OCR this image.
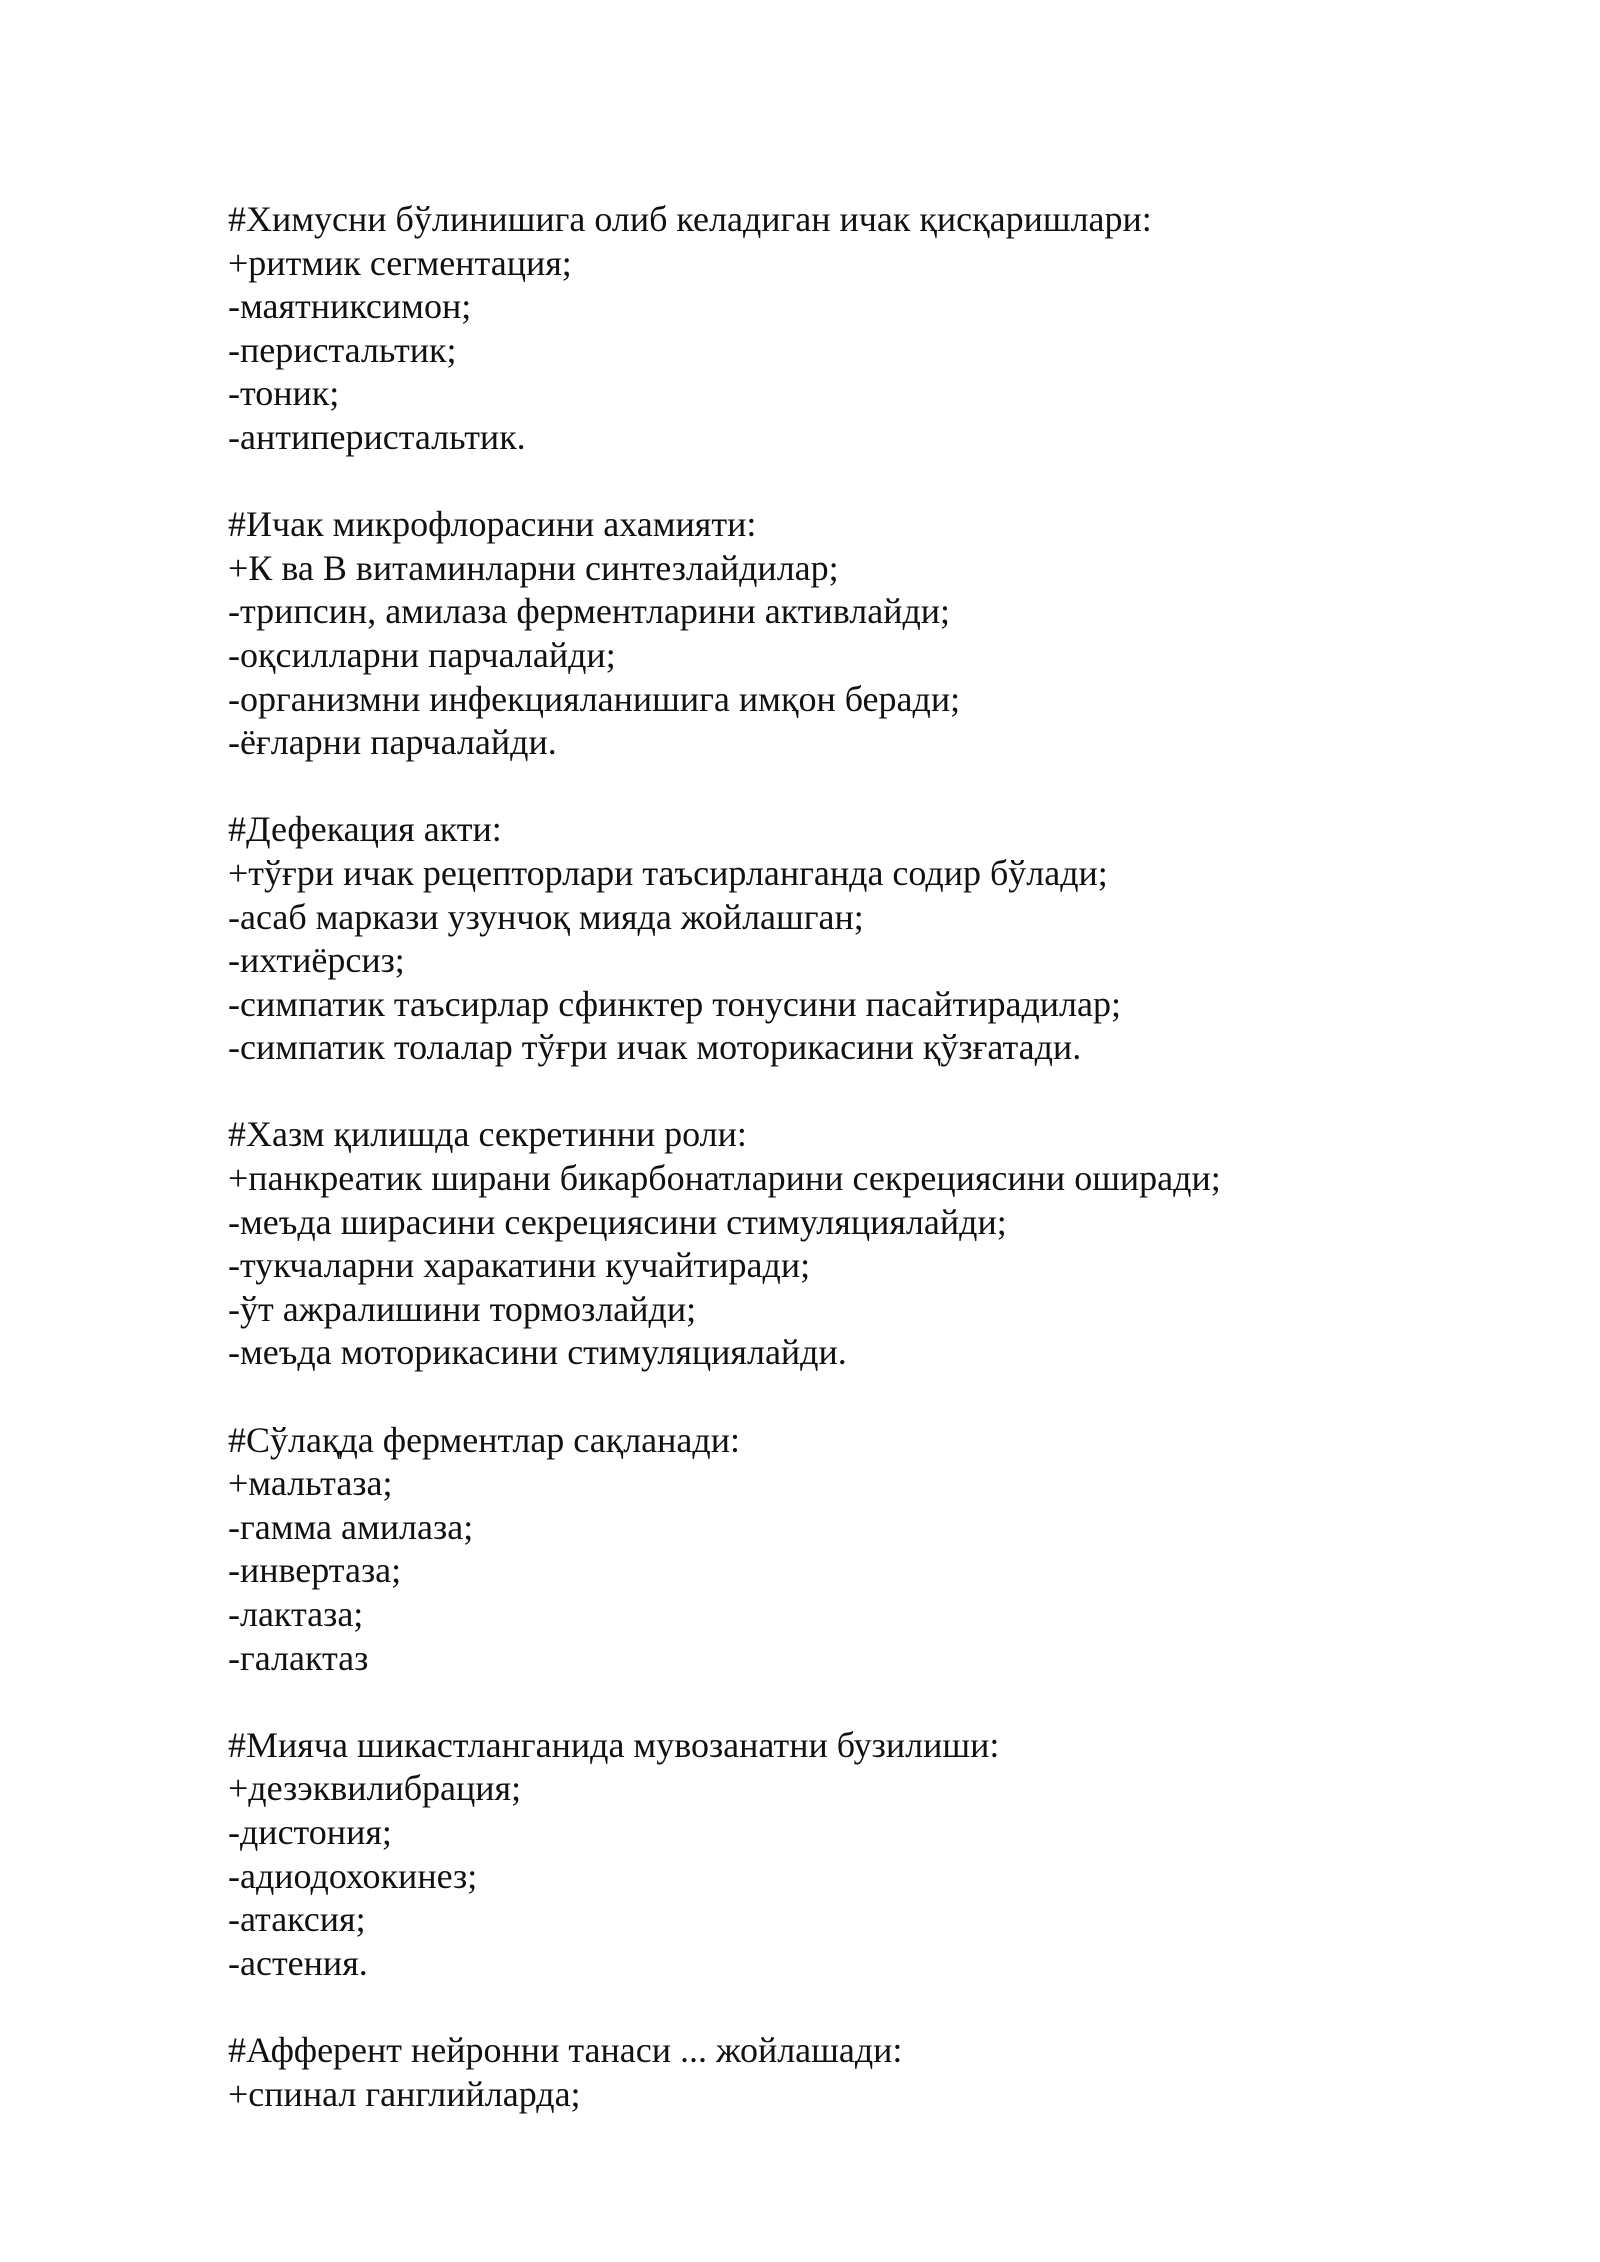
#Химусни бўлинишига олиб келадиган ичак қисқаришлари:
+ритмик сегментация;
-маятниксимон;
-перистальтик;
-тоник;
-антиперистальтик.
#Ичак микрофлорасини ахамияти:
+К ва В витаминларни синтезлайдилар;
-трипсин, амилаза ферментларини активлайди;
-оқсилларни парчалайди;
-организмни инфекцияланишига имқон беради;
-ёғларни парчалайди.
#Дефекация акти:
+тўғри ичак рецепторлари таъсирланганда содир бўлади;
-асаб маркази узунчоқ мияда жойлашган;
-ихтиёрсиз;
-симпатик таъсирлар сфинктер тонусини пасайтирадилар;
-симпатик толалар тўғри ичак моторикасини қўзғатади.
#Хазм қилишда секретинни роли:
+панкреатик ширани бикарбонатларини секрециясини оширади;
-меъда ширасини секрециясини стимуляциялайди;
-тукчаларни харакатини кучайтиради;
-ўт ажралишини тормозлайди;
-меъда моторикасини стимуляциялайди.
#Сўлақда ферментлар сақланади:
+мальтаза;
-гамма амилаза;
-инвертаза;
-лактаза;
-галактаз
#Мияча шикастланганида мувозанатни бузилиши:
+дезэквилибрация;
-дистония;
-адиодохокинез;
-атаксия;
-астения.
#Афферент нейронни танаси ... жойлашади:
+спинал ганглийларда;
